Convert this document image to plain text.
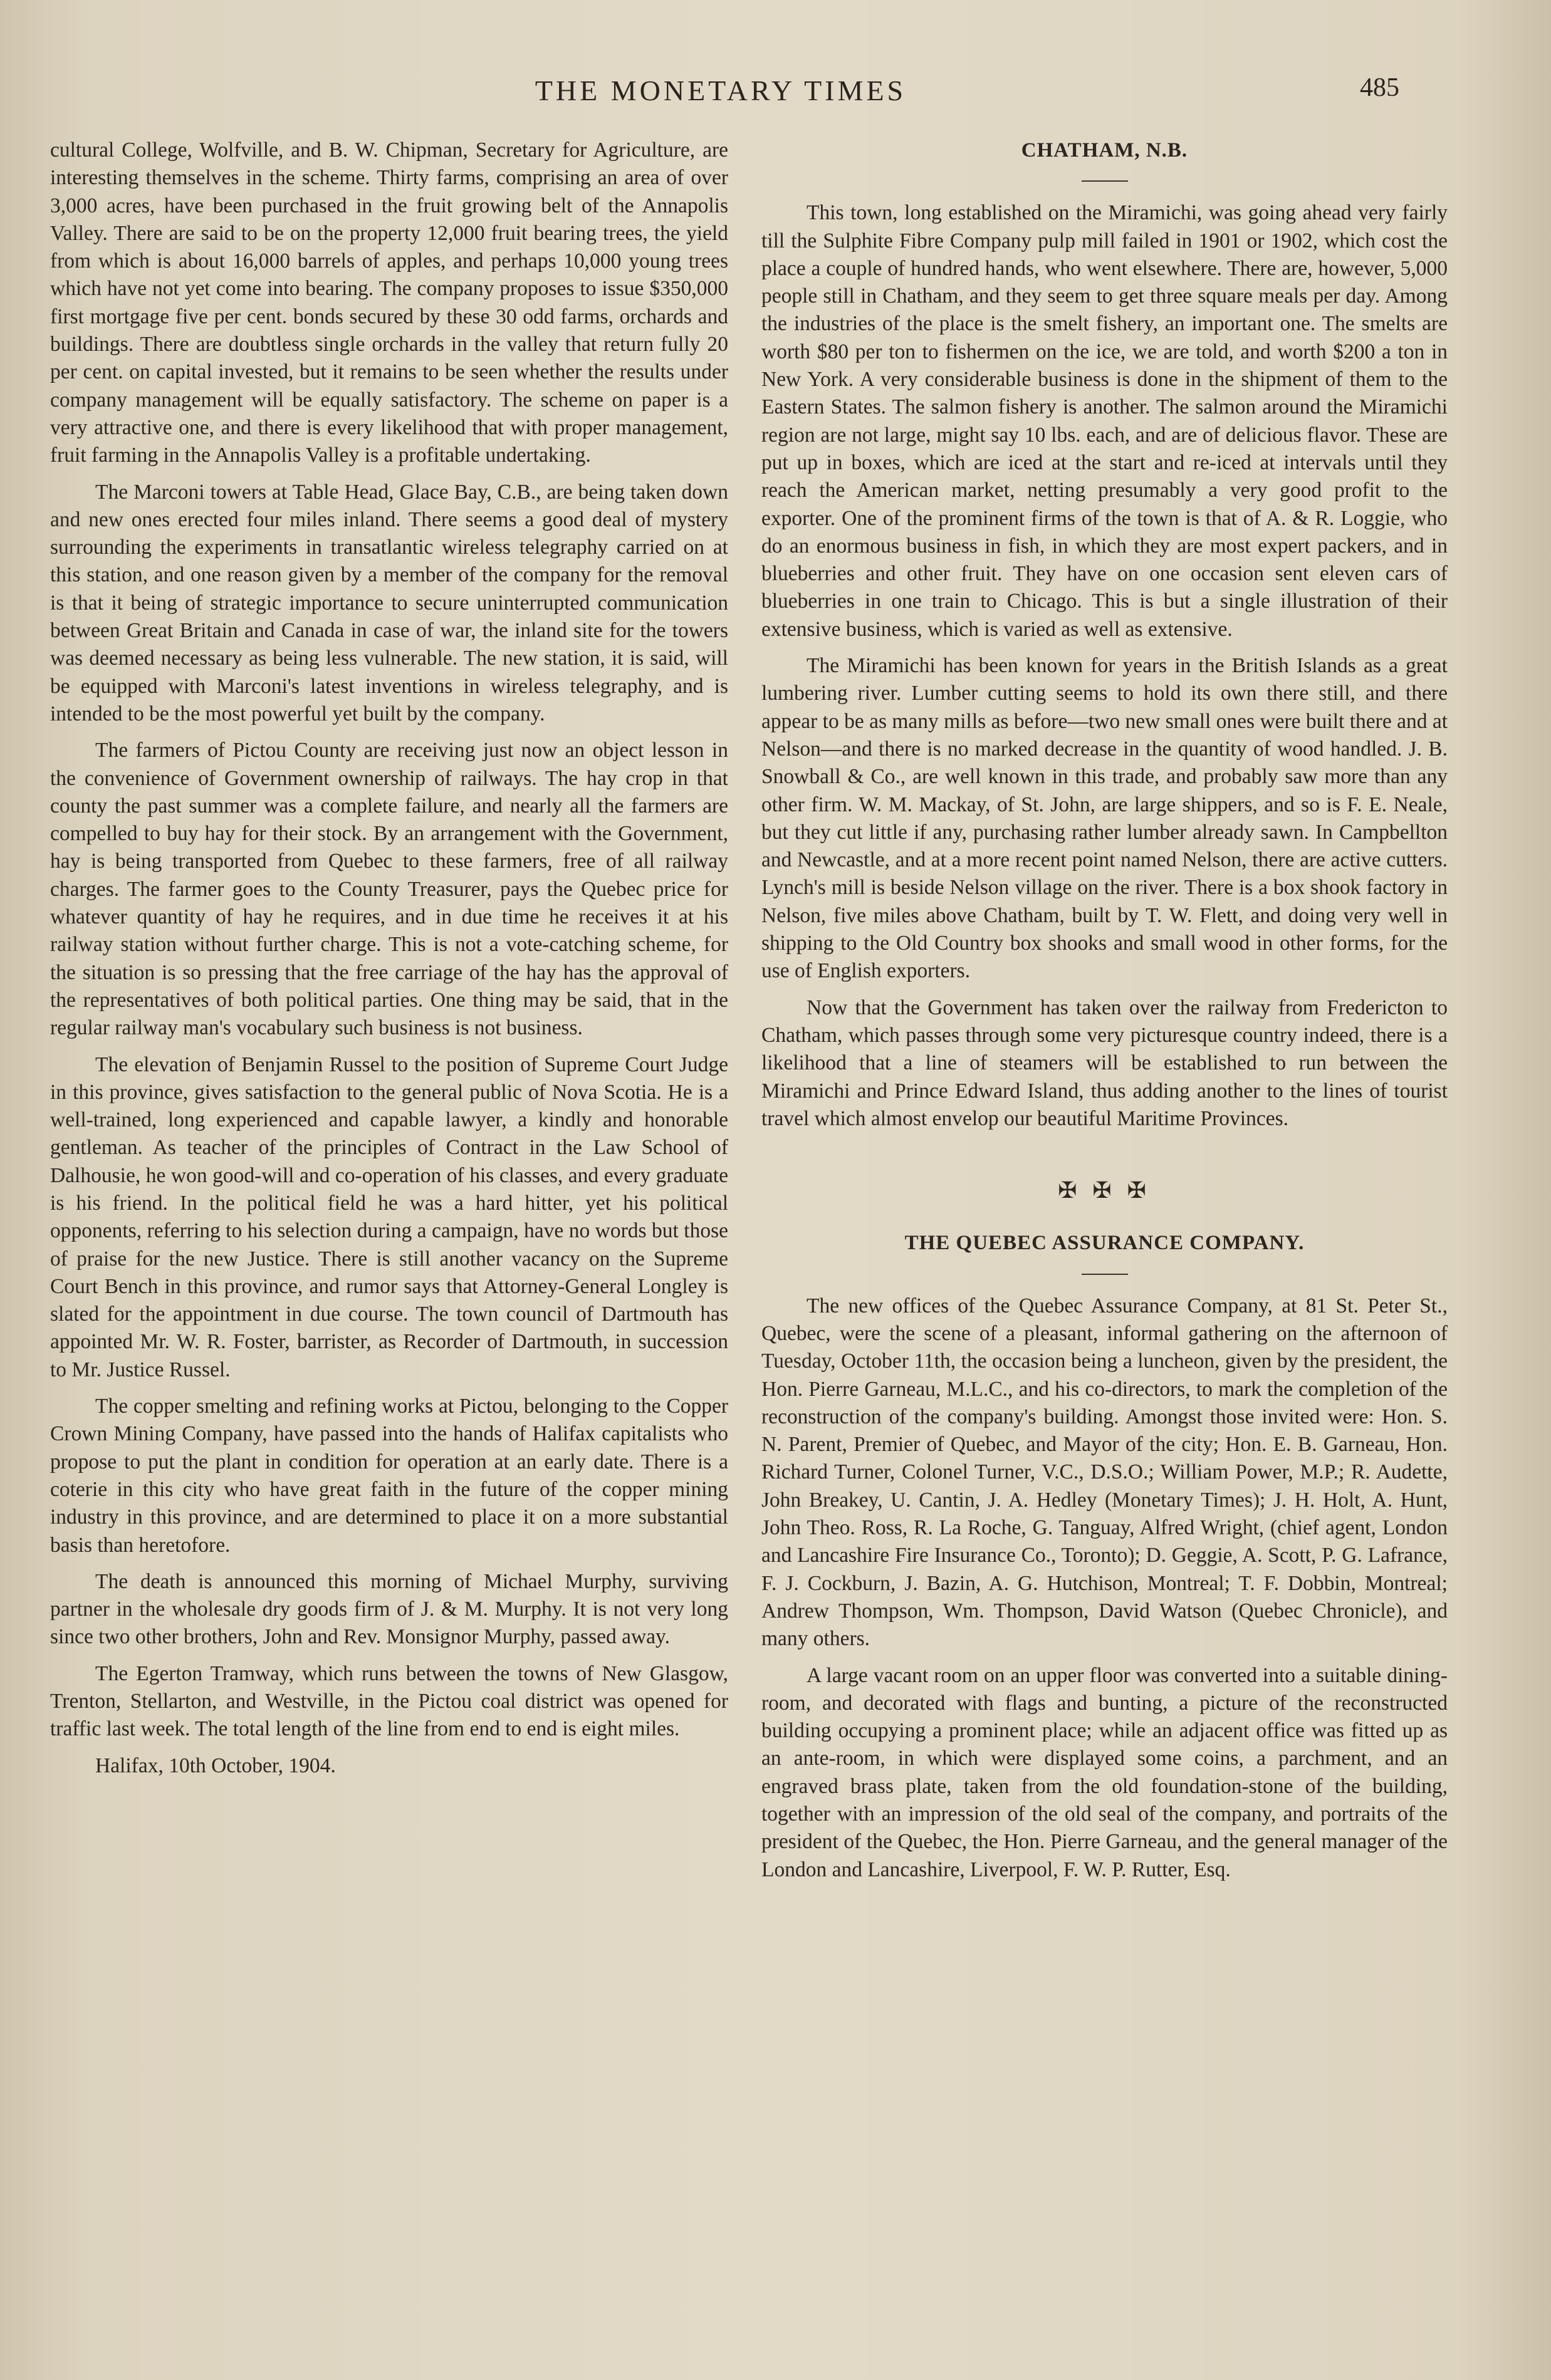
THE MONETARY TIMES	485

cultural College, Wolfville, and B. W. Chipman, Secretary for Agriculture, are interesting themselves in the scheme. Thirty farms, comprising an area of over 3,000 acres, have been purchased in the fruit growing belt of the Annapolis Valley. There are said to be on the property 12,000 fruit bearing trees, the yield from which is about 16,000 barrels of apples, and perhaps 10,000 young trees which have not yet come into bearing. The company proposes to issue $350,000 first mortgage five per cent. bonds secured by these 30 odd farms, orchards and buildings. There are doubtless single orchards in the valley that return fully 20 per cent. on capital invested, but it remains to be seen whether the results under company management will be equally satisfactory. The scheme on paper is a very attractive one, and there is every likelihood that with proper management, fruit farming in the Annapolis Valley is a profitable undertaking.

The Marconi towers at Table Head, Glace Bay, C.B., are being taken down and new ones erected four miles inland. There seems a good deal of mystery surrounding the experiments in transatlantic wireless telegraphy carried on at this station, and one reason given by a member of the company for the removal is that it being of strategic importance to secure uninterrupted communication between Great Britain and Canada in case of war, the inland site for the towers was deemed necessary as being less vulnerable. The new station, it is said, will be equipped with Marconi's latest inventions in wireless telegraphy, and is intended to be the most powerful yet built by the company.

The farmers of Pictou County are receiving just now an object lesson in the convenience of Government ownership of railways. The hay crop in that county the past summer was a complete failure, and nearly all the farmers are compelled to buy hay for their stock. By an arrangement with the Government, hay is being transported from Quebec to these farmers, free of all railway charges. The farmer goes to the County Treasurer, pays the Quebec price for whatever quantity of hay he requires, and in due time he receives it at his railway station without further charge. This is not a vote-catching scheme, for the situation is so pressing that the free carriage of the hay has the approval of the representatives of both political parties. One thing may be said, that in the regular railway man's vocabulary such business is not business.

The elevation of Benjamin Russel to the position of Supreme Court Judge in this province, gives satisfaction to the general public of Nova Scotia. He is a well-trained, long experienced and capable lawyer, a kindly and honorable gentleman. As teacher of the principles of Contract in the Law School of Dalhousie, he won good-will and co-operation of his classes, and every graduate is his friend. In the political field he was a hard hitter, yet his political opponents, referring to his selection during a campaign, have no words but those of praise for the new Justice. There is still another vacancy on the Supreme Court Bench in this province, and rumor says that Attorney-General Longley is slated for the appointment in due course. The town council of Dartmouth has appointed Mr. W. R. Foster, barrister, as Recorder of Dartmouth, in succession to Mr. Justice Russel.

The copper smelting and refining works at Pictou, belonging to the Copper Crown Mining Company, have passed into the hands of Halifax capitalists who propose to put the plant in condition for operation at an early date. There is a coterie in this city who have great faith in the future of the copper mining industry in this province, and are determined to place it on a more substantial basis than heretofore.

The death is announced this morning of Michael Murphy, surviving partner in the wholesale dry goods firm of J. & M. Murphy. It is not very long since two other brothers, John and Rev. Monsignor Murphy, passed away.

The Egerton Tramway, which runs between the towns of New Glasgow, Trenton, Stellarton, and Westville, in the Pictou coal district was opened for traffic last week. The total length of the line from end to end is eight miles.

Halifax, 10th October, 1904.

CHATHAM, N.B.

This town, long established on the Miramichi, was going ahead very fairly till the Sulphite Fibre Company pulp mill failed in 1901 or 1902, which cost the place a couple of hundred hands, who went elsewhere. There are, however, 5,000 people still in Chatham, and they seem to get three square meals per day. Among the industries of the place is the smelt fishery, an important one. The smelts are worth $80 per ton to fishermen on the ice, we are told, and worth $200 a ton in New York. A very considerable business is done in the shipment of them to the Eastern States. The salmon fishery is another. The salmon around the Miramichi region are not large, might say 10 lbs. each, and are of delicious flavor. These are put up in boxes, which are iced at the start and re-iced at intervals until they reach the American market, netting presumably a very good profit to the exporter. One of the prominent firms of the town is that of A. & R. Loggie, who do an enormous business in fish, in which they are most expert packers, and in blueberries and other fruit. They have on one occasion sent eleven cars of blueberries in one train to Chicago. This is but a single illustration of their extensive business, which is varied as well as extensive.

The Miramichi has been known for years in the British Islands as a great lumbering river. Lumber cutting seems to hold its own there still, and there appear to be as many mills as before—two new small ones were built there and at Nelson—and there is no marked decrease in the quantity of wood handled. J. B. Snowball & Co., are well known in this trade, and probably saw more than any other firm. W. M. Mackay, of St. John, are large shippers, and so is F. E. Neale, but they cut little if any, purchasing rather lumber already sawn. In Campbellton and Newcastle, and at a more recent point named Nelson, there are active cutters. Lynch's mill is beside Nelson village on the river. There is a box shook factory in Nelson, five miles above Chatham, built by T. W. Flett, and doing very well in shipping to the Old Country box shooks and small wood in other forms, for the use of English exporters.

Now that the Government has taken over the railway from Fredericton to Chatham, which passes through some very picturesque country indeed, there is a likelihood that a line of steamers will be established to run between the Miramichi and Prince Edward Island, thus adding another to the lines of tourist travel which almost envelop our beautiful Maritime Provinces.

✠ ✠ ✠
THE QUEBEC ASSURANCE COMPANY.

The new offices of the Quebec Assurance Company, at 81 St. Peter St., Quebec, were the scene of a pleasant, informal gathering on the afternoon of Tuesday, October 11th, the occasion being a luncheon, given by the president, the Hon. Pierre Garneau, M.L.C., and his co-directors, to mark the completion of the reconstruction of the company's building. Amongst those invited were: Hon. S. N. Parent, Premier of Quebec, and Mayor of the city; Hon. E. B. Garneau, Hon. Richard Turner, Colonel Turner, V.C., D.S.O.; William Power, M.P.; R. Audette, John Breakey, U. Cantin, J. A. Hedley (Monetary Times); J. H. Holt, A. Hunt, John Theo. Ross, R. La Roche, G. Tanguay, Alfred Wright, (chief agent, London and Lancashire Fire Insurance Co., Toronto); D. Geggie, A. Scott, P. G. Lafrance, F. J. Cockburn, J. Bazin, A. G. Hutchison, Montreal; T. F. Dobbin, Montreal; Andrew Thompson, Wm. Thompson, David Watson (Quebec Chronicle), and many others.

A large vacant room on an upper floor was converted into a suitable dining-room, and decorated with flags and bunting, a picture of the reconstructed building occupying a prominent place; while an adjacent office was fitted up as an ante-room, in which were displayed some coins, a parchment, and an engraved brass plate, taken from the old foundation-stone of the building, together with an impression of the old seal of the company, and portraits of the president of the Quebec, the Hon. Pierre Garneau, and the general manager of the London and Lancashire, Liverpool, F. W. P. Rutter, Esq.
